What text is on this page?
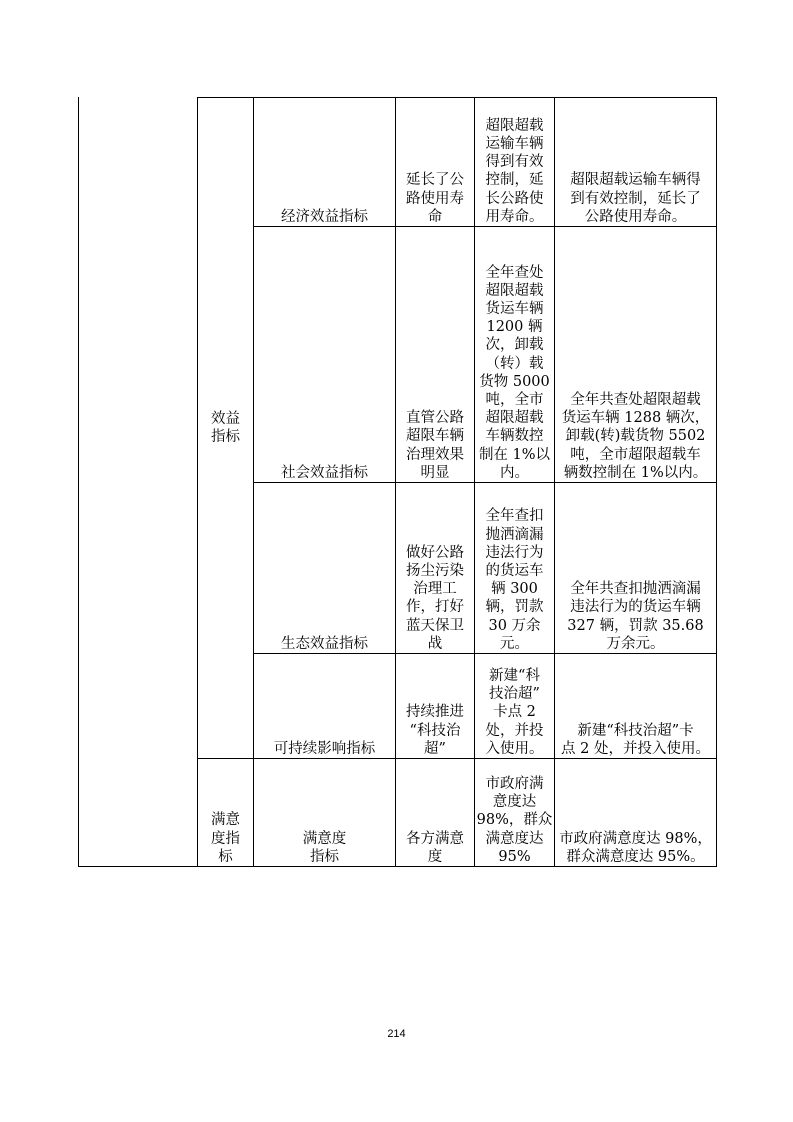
效益
指标
满意
度指
标
经济效益指标
延长了公
路使用寿
命
超限超载
运输车辆
得到有效
控制，延
长公路使
用寿命。
超限超载运输车辆得
到有效控制，延长了
公路使用寿命。
社会效益指标
直管公路
超限车辆
治理效果
明显
全年查处
超限超载
货运车辆
1200 辆
次，卸载
（转）载
货物 5000
吨，全市
超限超载
车辆数控
制在 1%以
内。
全年共查处超限超载
货运车辆 1288 辆次，
卸载(转)载货物 5502
吨，全市超限超载车
辆数控制在 1%以内。
生态效益指标
做好公路
扬尘污染
治理工
作，打好
蓝天保卫
战
全年查扣
抛洒滴漏
违法行为
的货运车
辆 300
辆，罚款
30 万余
元。
全年共查扣抛洒滴漏
违法行为的货运车辆
327 辆，罚款 35.68
万余元。
可持续影响指标
持续推进
“科技治
超”
新建“科
技治超”
卡点 2
处，并投
入使用。
新建“科技治超”卡
点 2 处，并投入使用。
满意度
指标
各方满意
度
市政府满
意度达
98%，群众
满意度达
95%
市政府满意度达 98%，
群众满意度达 95%。
214
